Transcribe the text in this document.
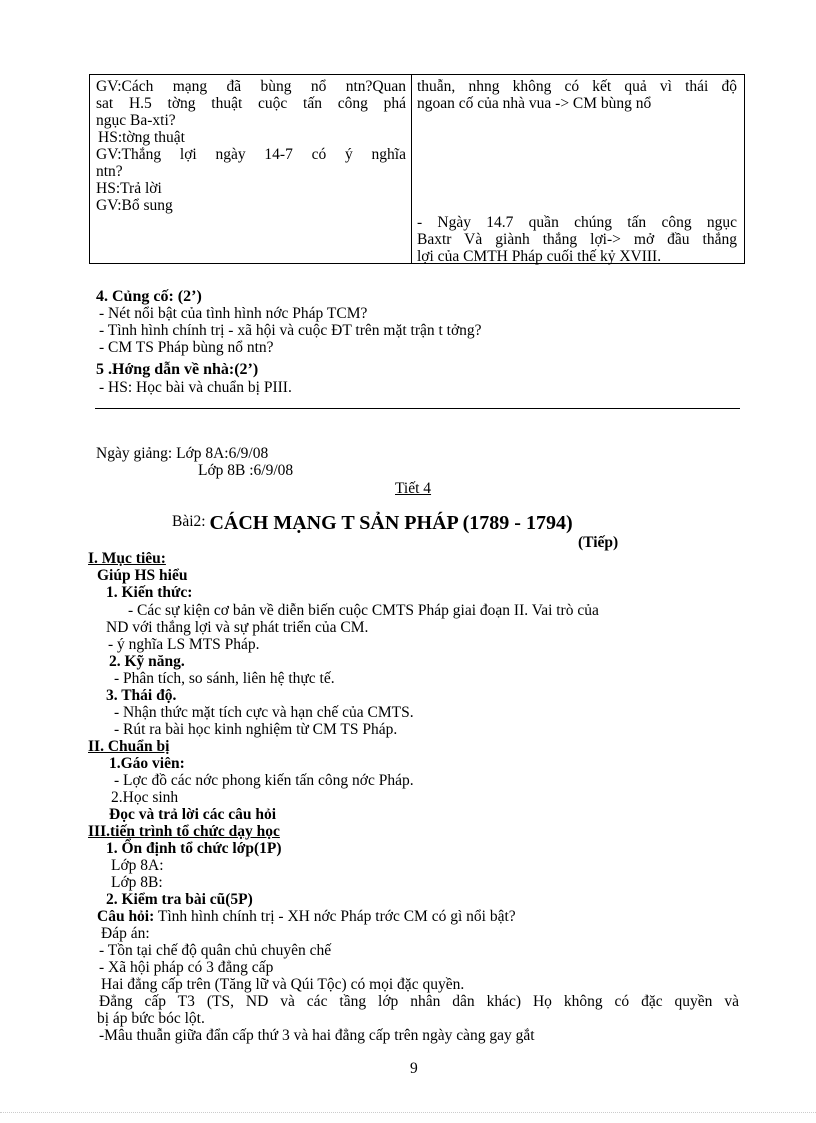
GV:Cách mạng đã bùng nổ ntn?Quan
sat H.5 tờng thuật cuộc tấn công phá
ngục Ba-xti?
HS:tờng thuật
GV:Thắng lợi ngày 14-7 có ý nghĩa
ntn?
HS:Trả lời
GV:Bổ sung
thuẫn, nhng không có kết quả vì thái độ
ngoan cố của nhà vua -> CM bùng nổ
- Ngày 14.7 quần chúng tấn công ngục
Baxtr Và giành thắng lợi-> mở đầu thắng
lợi của CMTH Pháp cuối thế kỷ XVIII.
4. Củng cố: (2’)
- Nét nổi bật của tình hình nớc Pháp TCM?
- Tình hình chính trị - xã hội và cuộc ĐT trên mặt trận t tởng?
- CM TS Pháp bùng nổ ntn?
5 .Hớng dẫn về nhà:(2’)
- HS: Học bài và chuẩn bị PIII.
Ngày giảng: Lớp 8A:6/9/08
Lớp 8B :6/9/08
Tiết 4
Bài2: CÁCH MẠNG T SẢN PHÁP (1789 - 1794)
(Tiếp)
I. Mục tiêu:
Giúp HS hiểu
1. Kiến thức:
- Các sự kiện cơ bản về diễn biến cuộc CMTS Pháp giai đoạn II. Vai trò của
ND với thắng lợi và sự phát triển của CM.
- ý nghĩa LS MTS Pháp.
2. Kỹ năng.
- Phân tích, so sánh, liên hệ thực tế.
3. Thái độ.
- Nhận thức mặt tích cực và hạn chế của CMTS.
- Rút ra bài học kinh nghiệm từ CM TS Pháp.
II. Chuẩn bị
1.Gáo viên:
- Lợc đồ các nớc phong kiến tấn công nớc Pháp.
2.Học sinh
Đọc và trả lời các câu hỏi
III.tiến trình tổ chức dạy học
1. Ổn định tổ chức lớp(1P)
Lớp 8A:
Lớp 8B:
2. Kiểm tra bài cũ(5P)
Câu hỏi: Tình hình chính trị - XH nớc Pháp trớc CM có gì nổi bật?
Đáp án:
- Tồn tại chế độ quân chủ chuyên chế
- Xã hội pháp có 3 đẳng cấp
Hai đẳng cấp trên (Tăng lữ và Qúi Tộc) có mọi đặc quyền.
Đẳng cấp T3 (TS, ND và các tầng lớp nhân dân khác) Họ không có đặc quyền và
bị áp bức bóc lột.
-Mâu thuẫn giữa đẩn cấp thứ 3 và hai đẳng cấp trên ngày càng gay gắt
9
